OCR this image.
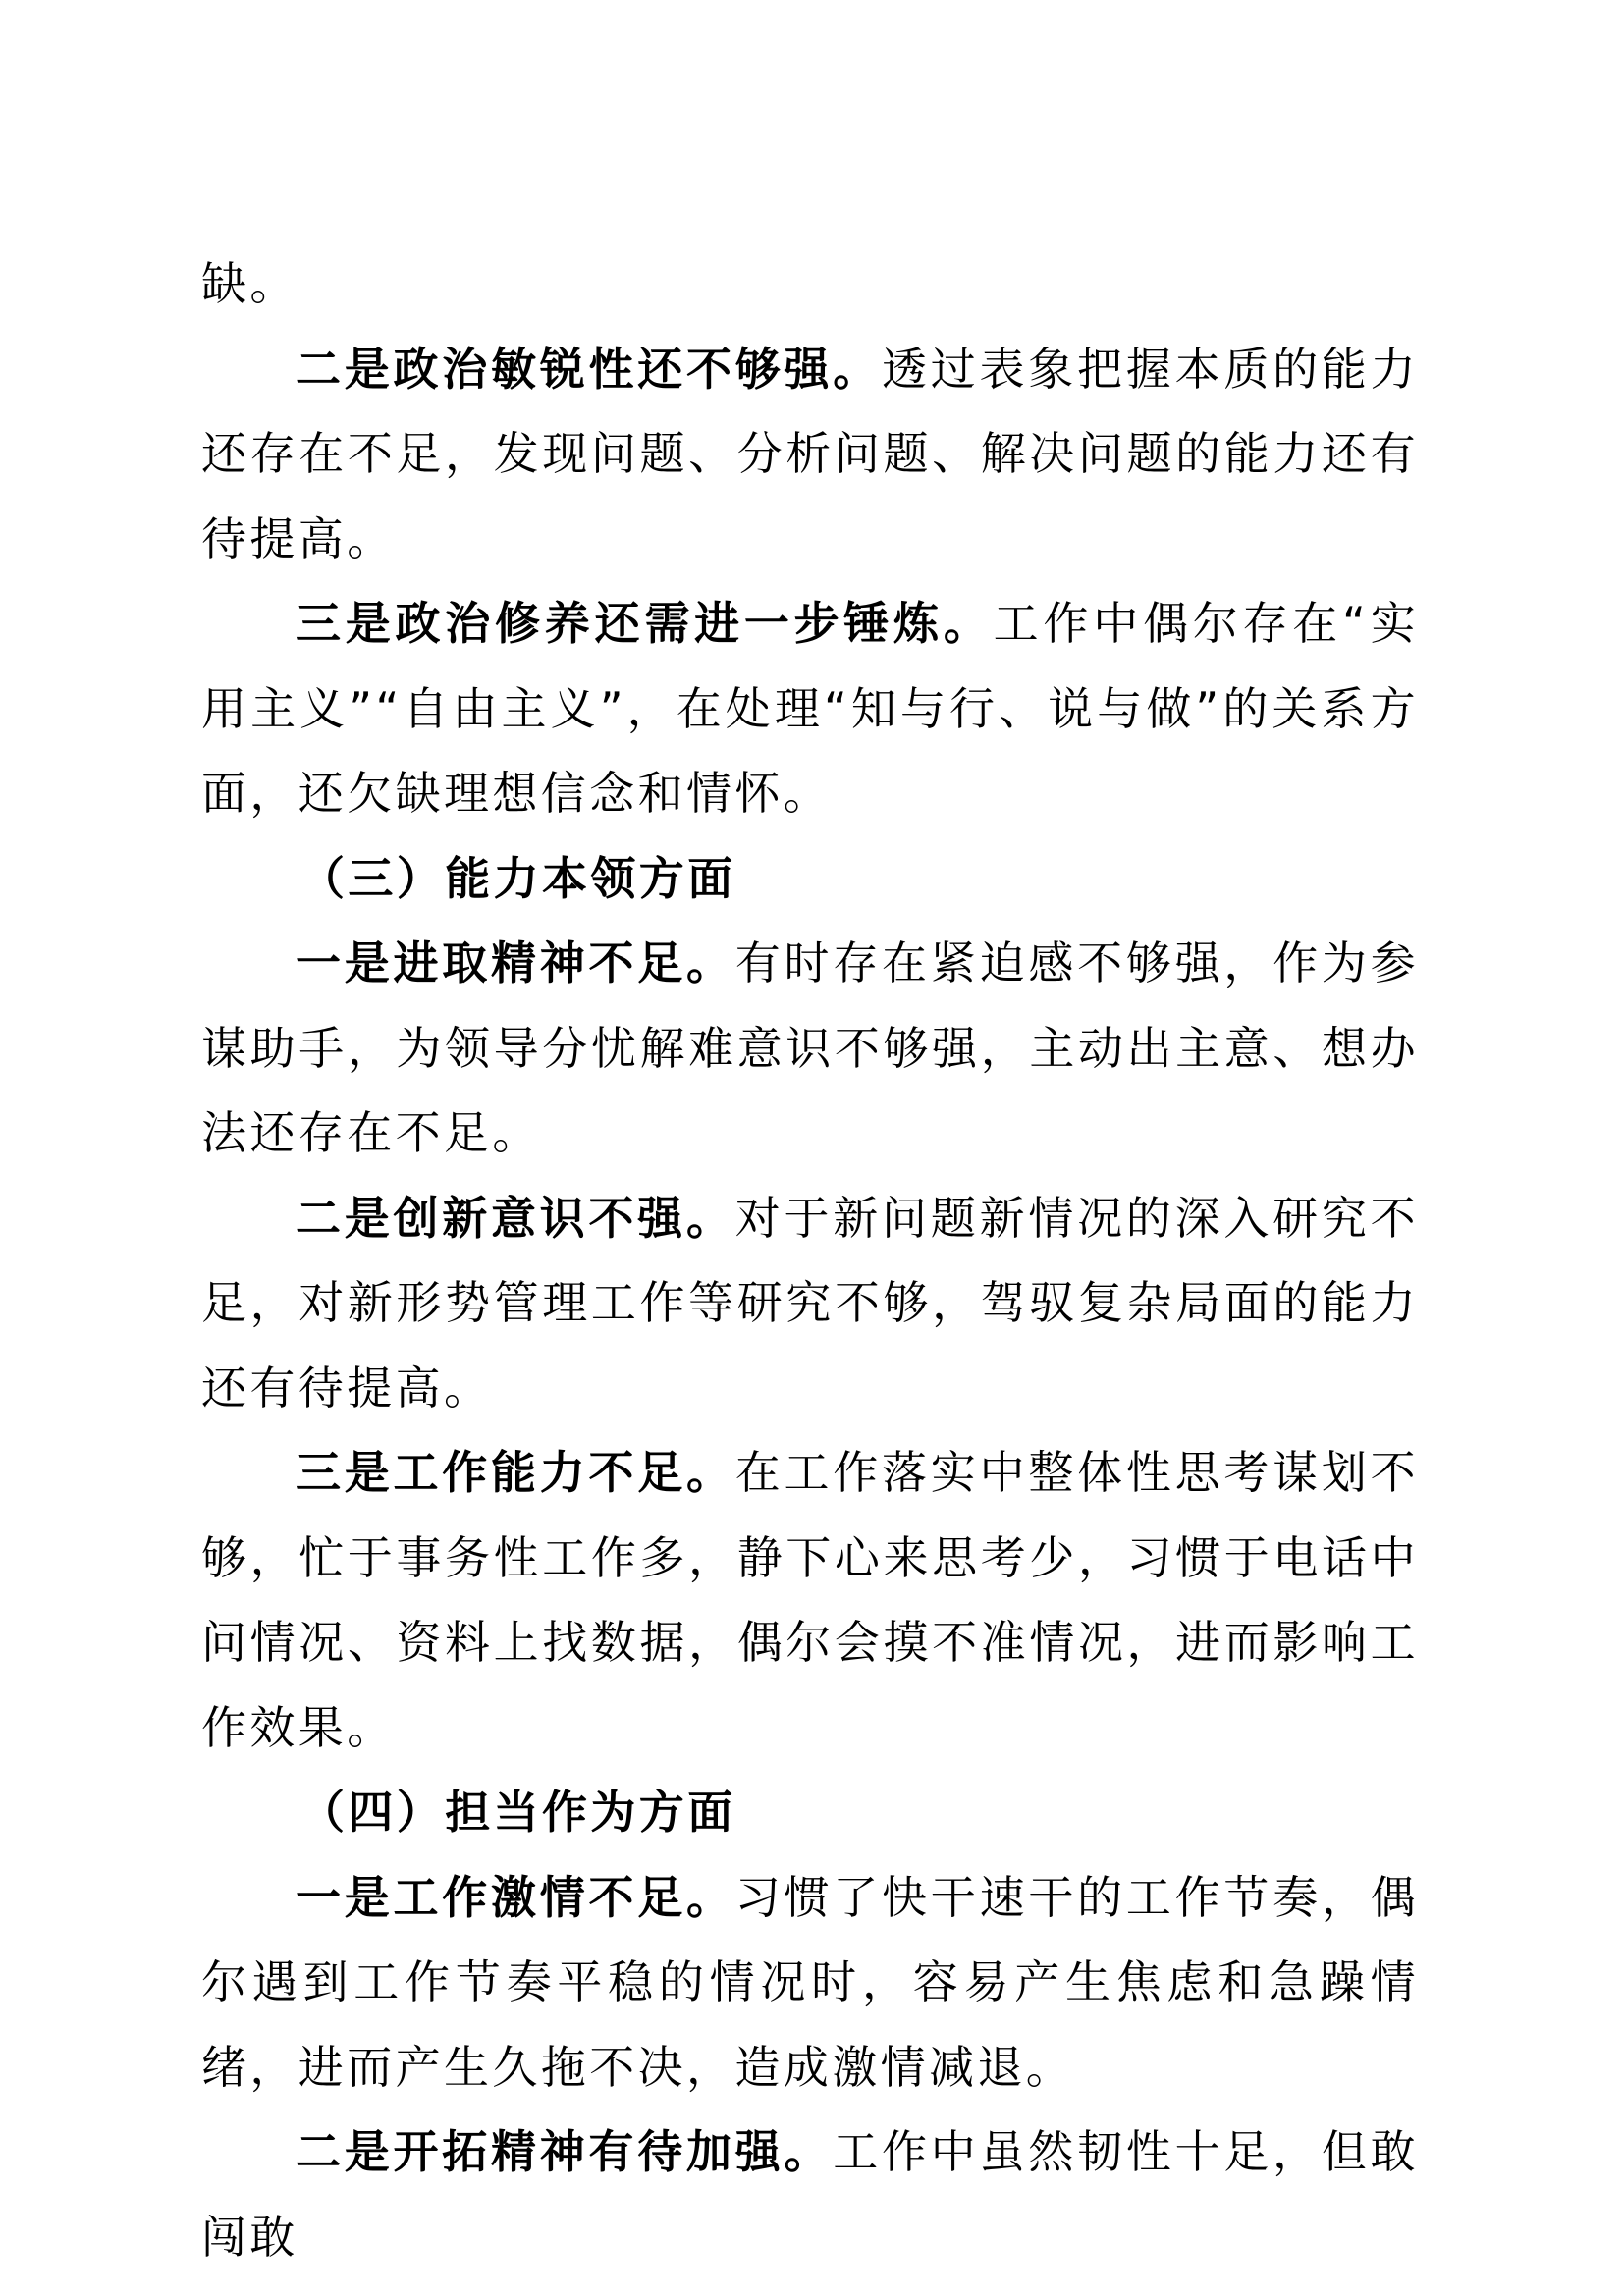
缺。

二是政治敏锐性还不够强。透过表象把握本质的能力还存在不足，发现问题、分析问题、解决问题的能力还有待提高。

三是政治修养还需进一步锤炼。工作中偶尔存在“实用主义”“自由主义”，在处理“知与行、说与做”的关系方面，还欠缺理想信念和情怀。

（三）能力本领方面

一是进取精神不足。有时存在紧迫感不够强，作为参谋助手，为领导分忧解难意识不够强，主动出主意、想办法还存在不足。

二是创新意识不强。对于新问题新情况的深入研究不足，对新形势管理工作等研究不够，驾驭复杂局面的能力还有待提高。

三是工作能力不足。在工作落实中整体性思考谋划不够，忙于事务性工作多，静下心来思考少，习惯于电话中问情况、资料上找数据，偶尔会摸不准情况，进而影响工作效果。

（四）担当作为方面

一是工作激情不足。习惯了快干速干的工作节奏，偶尔遇到工作节奏平稳的情况时，容易产生焦虑和急躁情绪，进而产生久拖不决，造成激情减退。

二是开拓精神有待加强。工作中虽然韧性十足，但敢闯敢
